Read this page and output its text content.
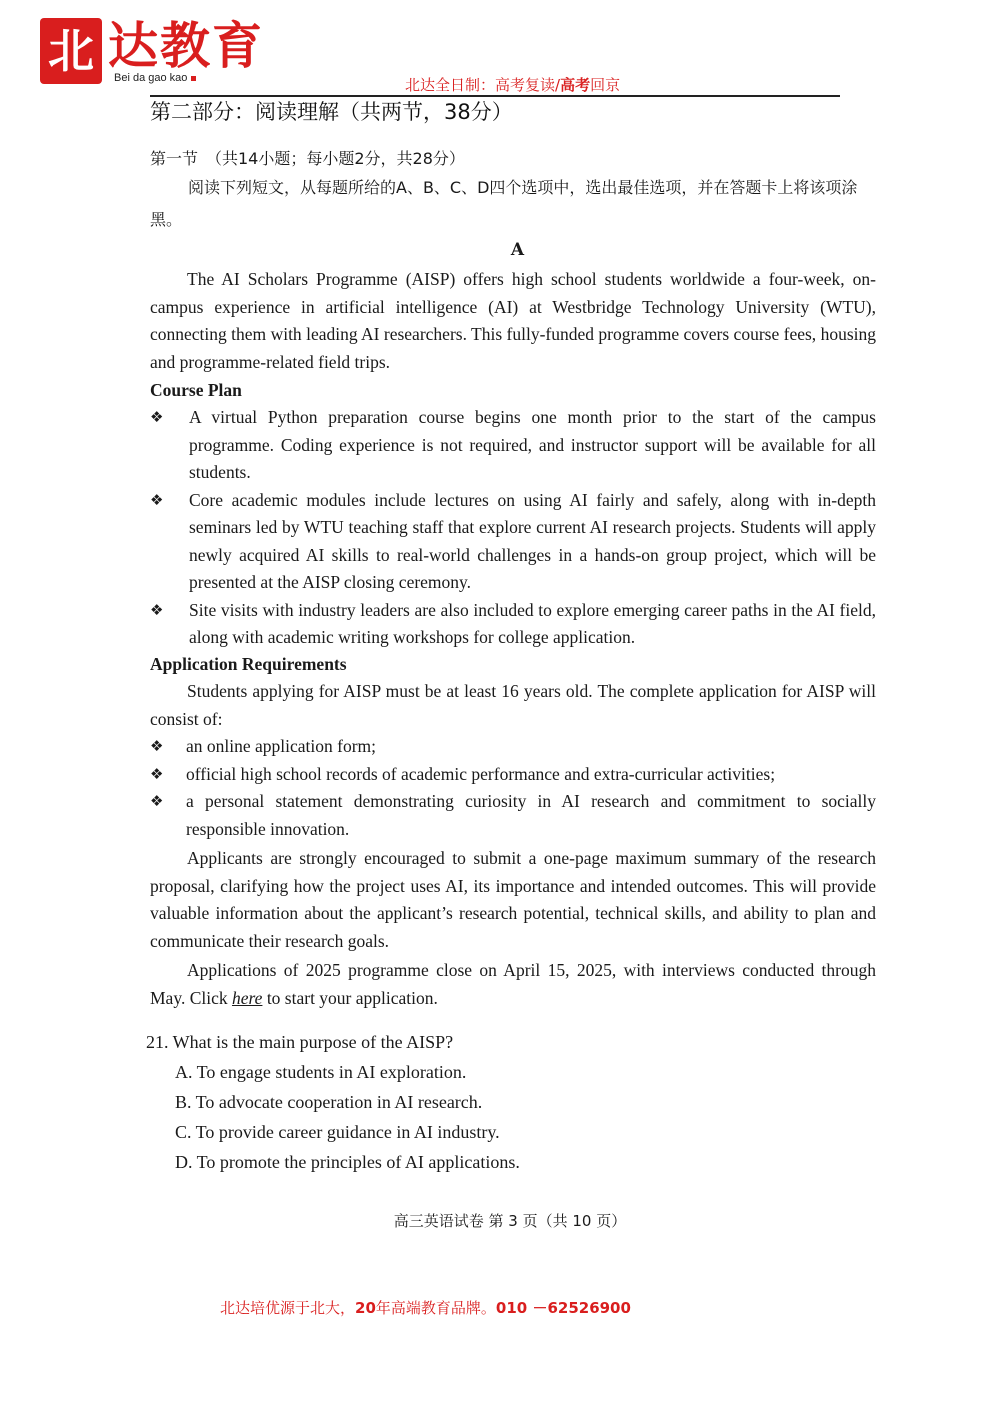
北 达教育
Bei da gao kao	北达全日制：高考复读/高考回京
第二部分：阅读理解（共两节，38分）
第一节　（共14小题；每小题2分，共28分）
阅读下列短文，从每题所给的A、B、C、D四个选项中，选出最佳选项，并在答题卡上将该项涂黑。
A
The AI Scholars Programme (AISP) offers high school students worldwide a four-week, on-campus experience in artificial intelligence (AI) at Westbridge Technology University (WTU), connecting them with leading AI researchers. This fully-funded programme covers course fees, housing and programme-related field trips.
Course Plan
❖ A virtual Python preparation course begins one month prior to the start of the campus programme. Coding experience is not required, and instructor support will be available for all students.
❖ Core academic modules include lectures on using AI fairly and safely, along with in-depth seminars led by WTU teaching staff that explore current AI research projects. Students will apply newly acquired AI skills to real-world challenges in a hands-on group project, which will be presented at the AISP closing ceremony.
❖ Site visits with industry leaders are also included to explore emerging career paths in the AI field, along with academic writing workshops for college application.
Application Requirements
Students applying for AISP must be at least 16 years old. The complete application for AISP will consist of:
❖ an online application form;
❖ official high school records of academic performance and extra-curricular activities;
❖ a personal statement demonstrating curiosity in AI research and commitment to socially responsible innovation.
Applicants are strongly encouraged to submit a one-page maximum summary of the research proposal, clarifying how the project uses AI, its importance and intended outcomes. This will provide valuable information about the applicant’s research potential, technical skills, and ability to plan and communicate their research goals.
Applications of 2025 programme close on April 15, 2025, with interviews conducted through May. Click here to start your application.
21. What is the main purpose of the AISP?
A. To engage students in AI exploration.
B. To advocate cooperation in AI research.
C. To provide career guidance in AI industry.
D. To promote the principles of AI applications.
高三英语试卷 第 3 页（共 10 页）
北达培优源于北大，20年高端教育品牌。010 －62526900
